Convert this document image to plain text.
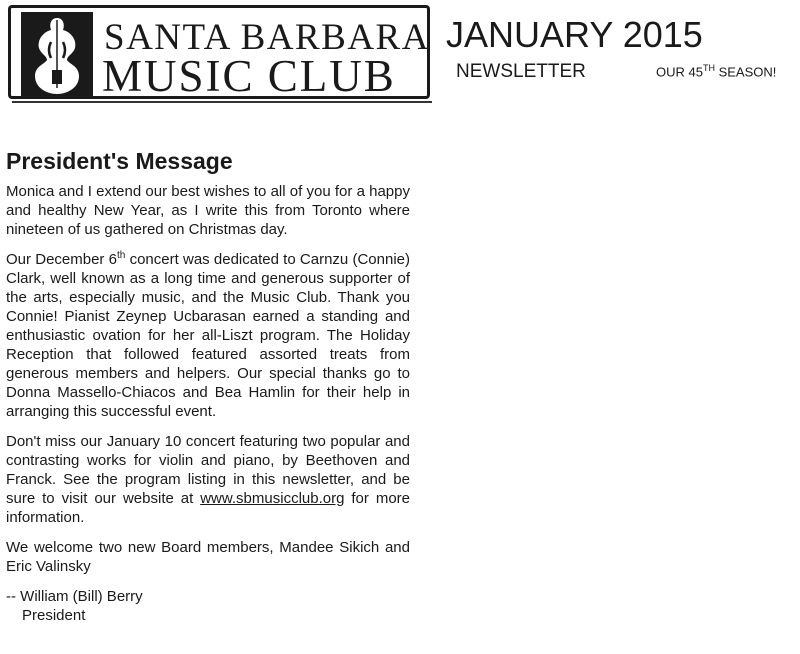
SANTA BARBARA
MUSIC CLUB
JANUARY 2015
NEWSLETTER	OUR 45TH SEASON!
President's Message

Monica and I extend our best wishes to all of you for a happy and healthy New Year, as I write this from Toronto where nineteen of us gathered on Christmas day.

Our December 6th concert was dedicated to Carnzu (Connie) Clark, well known as a long time and generous supporter of the arts, especially music, and the Music Club. Thank you Connie! Pianist Zeynep Ucbarasan earned a standing and enthusiastic ovation for her all-Liszt program. The Holiday Reception that followed featured assorted treats from generous members and helpers. Our special thanks go to Donna Massello-Chiacos and Bea Hamlin for their help in arranging this successful event.

Don't miss our January 10 concert featuring two popular and contrasting works for violin and piano, by Beethoven and Franck. See the program listing in this newsletter, and be sure to visit our website at www.sbmusicclub.org for more information.

We welcome two new Board members, Mandee Sikich and Eric Valinsky

-- William (Bill) Berry
President
